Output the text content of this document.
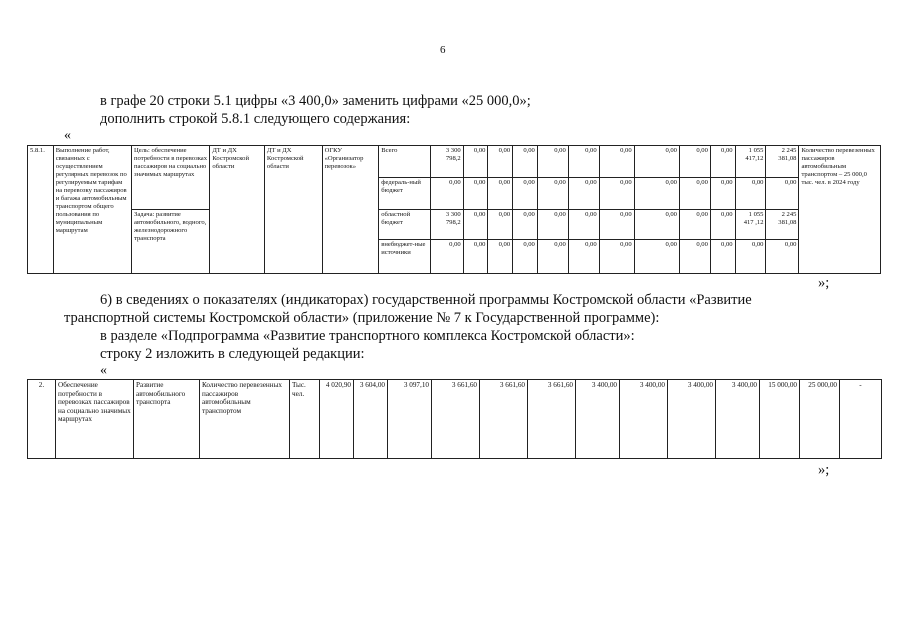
6
в графе 20 строки 5.1 цифры «3 400,0» заменить цифрами «25 000,0»;
дополнить строкой 5.8.1 следующего содержания:
«
5.8.1.	Выполнение работ, связанных с осуществлением регулярных перевозок по регулируемым тарифам на перевозку пассажиров и багажа автомобильным транспортом общего пользования по муниципальным маршрутам	Цель: обеспечение потребности в перевозках пассажиров на социально значимых маршрутах	ДТ и ДХ Костромской области	ДТ и ДХ Костромской области	ОГКУ «Организатор перевозок»	Всего	3 300 798,2	0,00	0,00	0,00	0,00	0,00	0,00	0,00	0,00	0,00	1 055 417,12	2 245 381,08	Количество перевезенных пассажиров автомобильным транспортом – 25 000,0 тыс. чел. в 2024 году
						федераль-ный бюджет	0,00	0,00	0,00	0,00	0,00	0,00	0,00	0,00	0,00	0,00	0,00	0,00	
		Задача: развитие автомобильного, водного, железнодорожного транспорта				областной бюджет	3 300 798,2	0,00	0,00	0,00	0,00	0,00	0,00	0,00	0,00	0,00	1 055 417 ,12	2 245 381,08	
						внебюджет-ные источники	0,00	0,00	0,00	0,00	0,00	0,00	0,00	0,00	0,00	0,00	0,00	0,00	
»;
6) в сведениях о показателях (индикаторах) государственной программы Костромской области «Развитие
транспортной системы Костромской области» (приложение № 7 к Государственной программе):
в разделе «Подпрограмма «Развитие транспортного комплекса Костромской области»:
строку 2 изложить в следующей редакции:
«
2.	Обеспечение потребности в перевозках пассажиров на социально значимых маршрутах	Развитие автомобильного транспорта	Количество перевезенных пассажиров автомобильным транспортом	Тыс. чел.	4 020,90	3 604,00	3 097,10	3 661,60	3 661,60	3 661,60	3 400,00	3 400,00	3 400,00	3 400,00	15 000,00	25 000,00	-
»;
